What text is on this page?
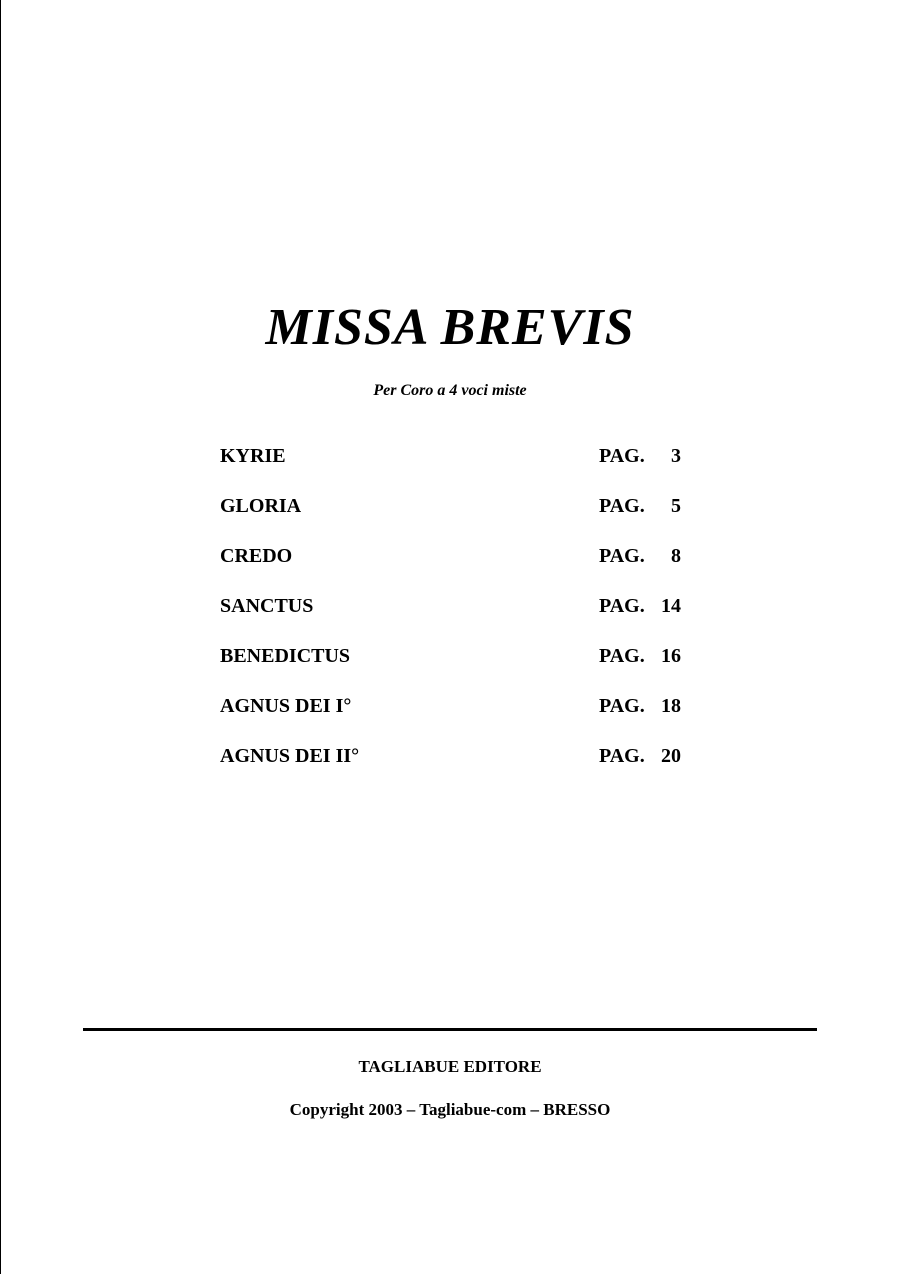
MISSA BREVIS

Per Coro a 4 voci miste

KYRIE	PAG.	3
GLORIA	PAG.	5
CREDO	PAG.	8
SANCTUS	PAG. 14
BENEDICTUS	PAG. 16
AGNUS DEI I°	PAG. 18
AGNUS DEI II°	PAG. 20

TAGLIABUE EDITORE

Copyright 2003 – Tagliabue-com – BRESSO
